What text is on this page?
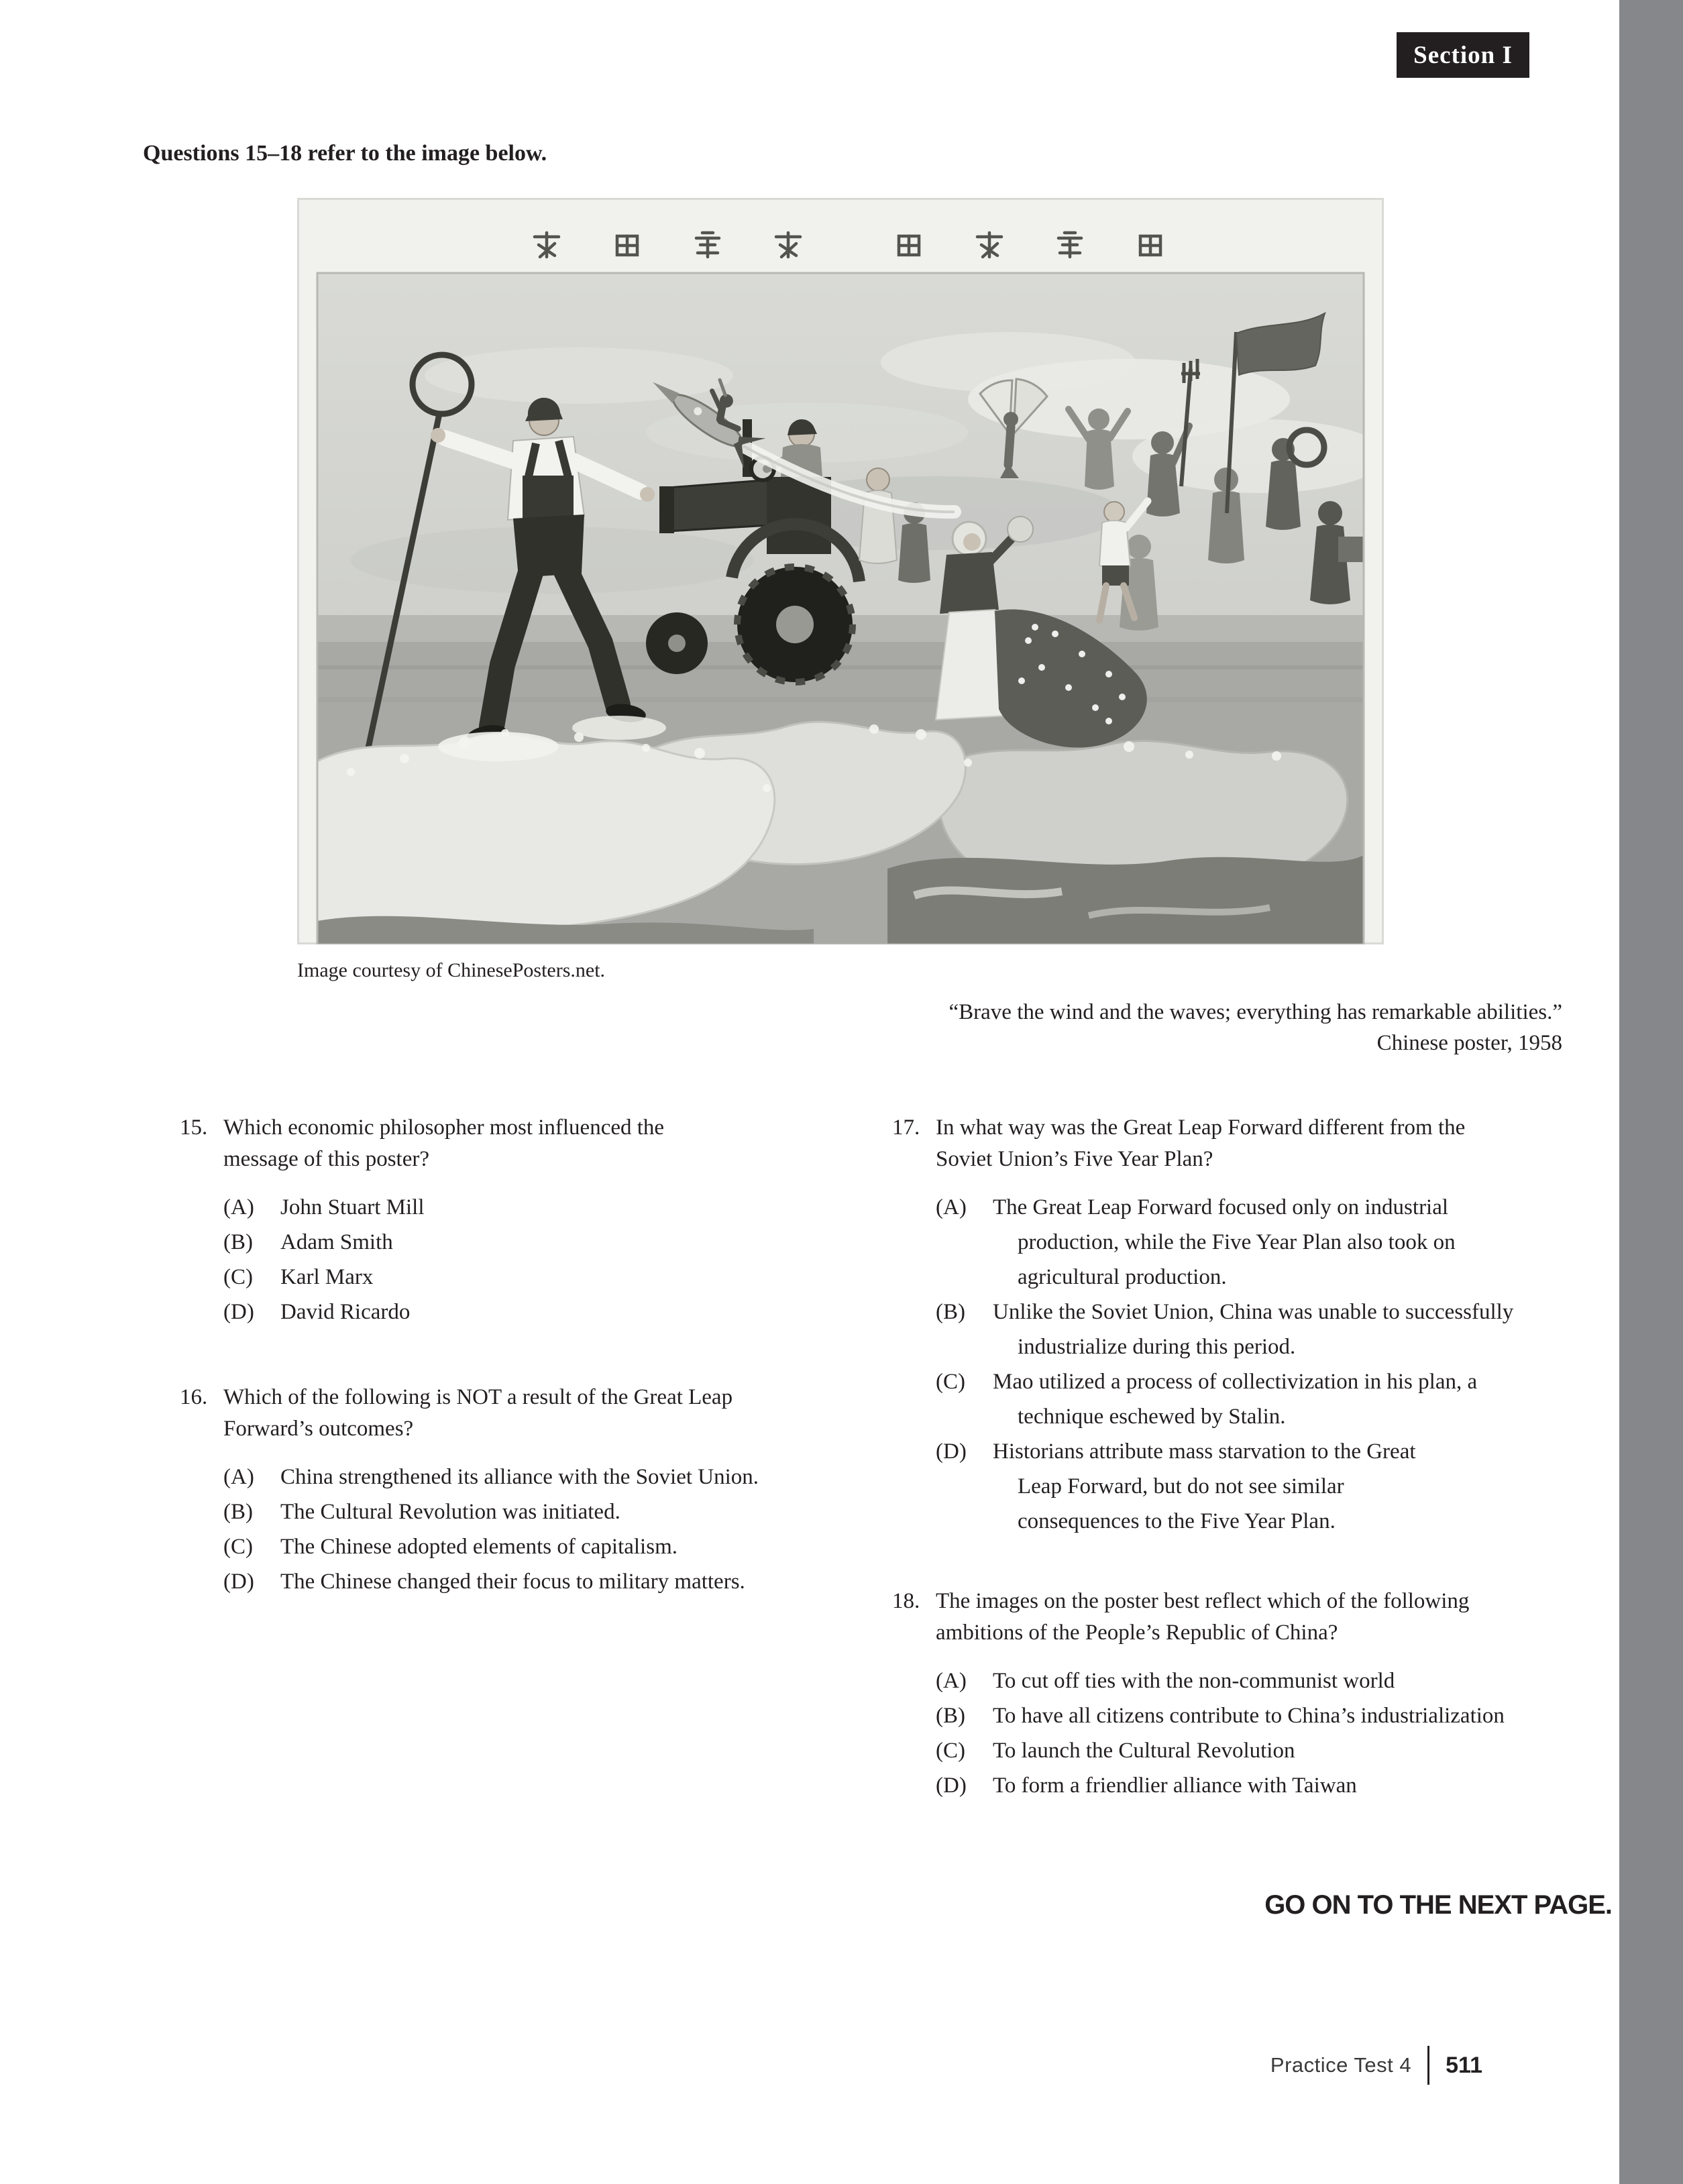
Section I
Questions 15–18 refer to the image below.
Image courtesy of ChinesePosters.net.
“Brave the wind and the waves; everything has remarkable abilities.”
Chinese poster, 1958
15. Which economic philosopher most influenced the message of this poster?
(A)	John Stuart Mill
(B)	Adam Smith
(C)	Karl Marx
(D)	David Ricardo
16. Which of the following is NOT a result of the Great Leap Forward’s outcomes?
(A)	China strengthened its alliance with the Soviet Union.
(B)	The Cultural Revolution was initiated.
(C)	The Chinese adopted elements of capitalism.
(D)	The Chinese changed their focus to military matters.
17. In what way was the Great Leap Forward different from the Soviet Union’s Five Year Plan?
(A)	The Great Leap Forward focused only on industrial production, while the Five Year Plan also took on agricultural production.
(B)	Unlike the Soviet Union, China was unable to successfully industrialize during this period.
(C)	Mao utilized a process of collectivization in his plan, a technique eschewed by Stalin.
(D)	Historians attribute mass starvation to the Great Leap Forward, but do not see similar consequences to the Five Year Plan.
18. The images on the poster best reflect which of the following ambitions of the People’s Republic of China?
(A)	To cut off ties with the non-communist world
(B)	To have all citizens contribute to China’s industrialization
(C)	To launch the Cultural Revolution
(D)	To form a friendlier alliance with Taiwan
GO ON TO THE NEXT PAGE.
Practice Test 4 511
